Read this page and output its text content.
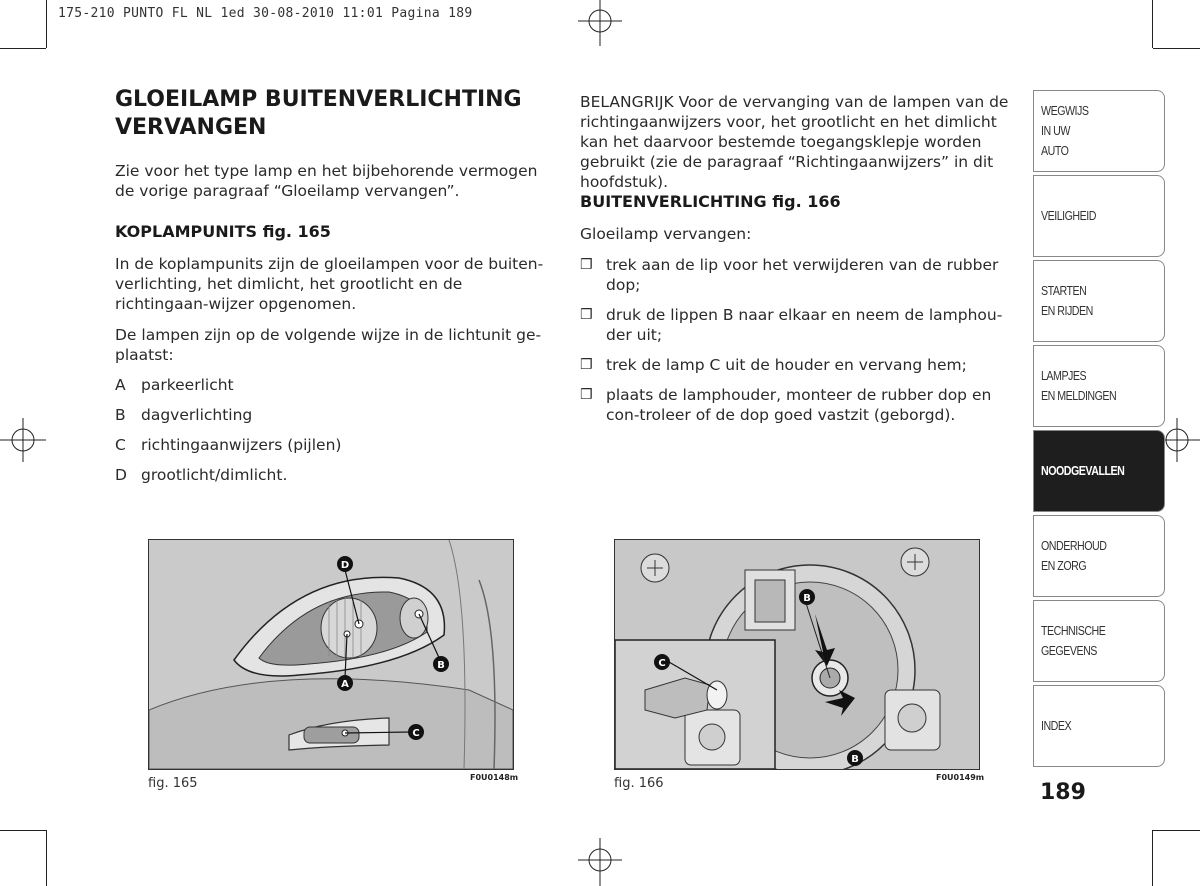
175-210 PUNTO FL NL 1ed 30-08-2010 11:01 Pagina 189
GLOEILAMP BUITENVERLICHTING VERVANGEN
Zie voor het type lamp en het bijbehorende vermogen de vorige paragraaf “Gloeilamp vervangen”.
KOPLAMPUNITS fig. 165
In de koplampunits zijn de gloeilampen voor de buiten-verlichting, het dimlicht, het grootlicht en de richtingaan-wijzer opgenomen.
De lampen zijn op de volgende wijze in de lichtunit ge-plaatst:
A parkeerlicht
B dagverlichting
C richtingaanwijzers (pijlen)
D grootlicht/dimlicht.
BELANGRIJK Voor de vervanging van de lampen van de richtingaanwijzers voor, het grootlicht en het dimlicht kan het daarvoor bestemde toegangsklepje worden gebruikt (zie de paragraaf “Richtingaanwijzers” in dit hoofdstuk).
BUITENVERLICHTING fig. 166
Gloeilamp vervangen:
❒ trek aan de lip voor het verwijderen van de rubber dop;
❒ druk de lippen B naar elkaar en neem de lamphou-der uit;
❒ trek de lamp C uit de houder en vervang hem;
❒ plaats de lamphouder, monteer de rubber dop en con-troleer of de dop goed vastzit (geborgd).
D
A
B
C
fig. 165	F0U0148m
B
C
B
fig. 166	F0U0149m
WEGWIJS
IN UW
AUTO
VEILIGHEID
STARTEN
EN RIJDEN
LAMPJES
EN MELDINGEN
NOODGEVALLEN
ONDERHOUD
EN ZORG
TECHNISCHE
GEGEVENS
INDEX
189
